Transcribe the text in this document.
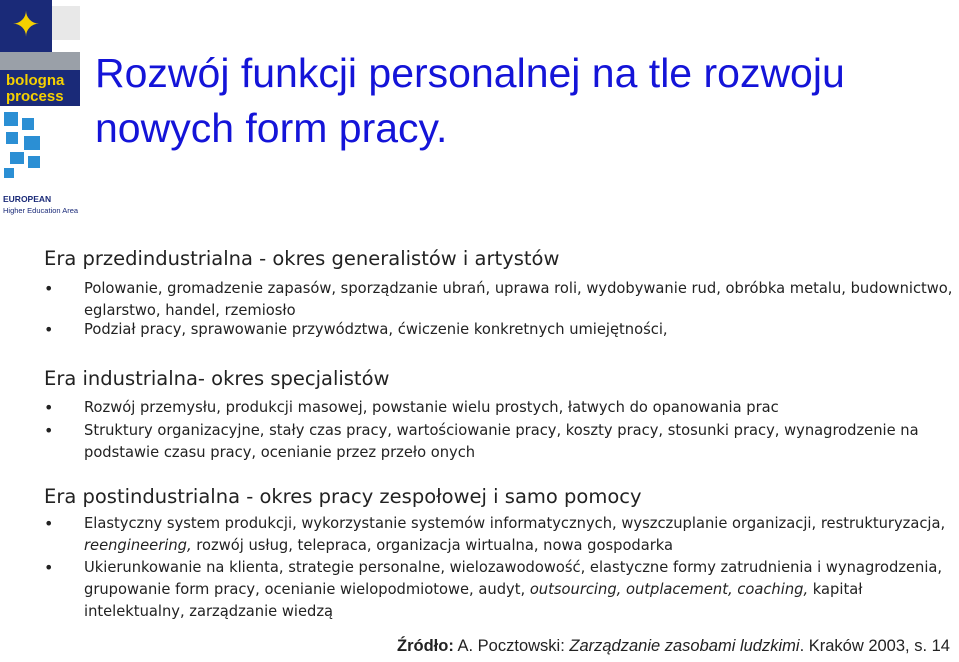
✦
bologna
process
EUROPEAN
Higher Education Area
Rozwój funkcji personalnej na tle rozwoju
nowych form pracy.
Era przedindustrialna - okres generalistów i artystów
• Polowanie, gromadzenie zapasów, sporządzanie ubrań, uprawa roli, wydobywanie rud, obróbka metalu, budownictwo, eglarstwo, handel, rzemiosło
• Podział pracy, sprawowanie przywództwa, ćwiczenie konkretnych umiejętności,
Era industrialna- okres specjalistów
• Rozwój przemysłu, produkcji masowej, powstanie wielu prostych, łatwych do opanowania prac
• Struktury organizacyjne, stały czas pracy, wartościowanie pracy, koszty pracy, stosunki pracy, wynagrodzenie na podstawie czasu pracy, ocenianie przez przeło onych
Era postindustrialna - okres pracy zespołowej i samo pomocy
• Elastyczny system produkcji, wykorzystanie systemów informatycznych, wyszczuplanie organizacji, restrukturyzacja, reengineering, rozwój usług, telepraca, organizacja wirtualna, nowa gospodarka
• Ukierunkowanie na klienta, strategie personalne, wielozawodowość, elastyczne formy zatrudnienia i wynagrodzenia, grupowanie form pracy, ocenianie wielopodmiotowe, audyt, outsourcing, outplacement, coaching, kapitał intelektualny, zarządzanie wiedzą
Źródło: A. Pocztowski: Zarządzanie zasobami ludzkimi. Kraków 2003, s. 14
